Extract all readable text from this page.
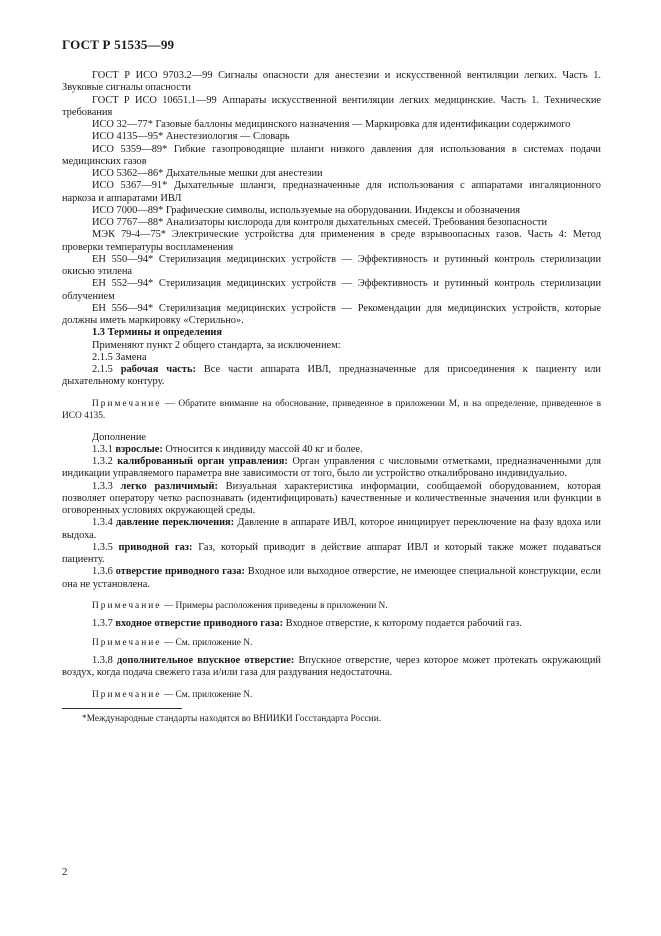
ГОСТ Р 51535—99

ГОСТ Р ИСО 9703.2—99 Сигналы опасности для анестезии и искусственной вентиляции легких. Часть 1. Звуковые сигналы опасности

ГОСТ Р ИСО 10651.1—99 Аппараты искусственной вентиляции легких медицинские. Часть 1. Технические требования

ИСО 32—77* Газовые баллоны медицинского назначения — Маркировка для идентификации содержимого

ИСО 4135—95* Анестезиология — Словарь

ИСО 5359—89* Гибкие газопроводящие шланги низкого давления для использования в системах подачи медицинских газов

ИСО 5362—86* Дыхательные мешки для анестезии

ИСО 5367—91* Дыхательные шланги, предназначенные для использования с аппаратами ингаляционного наркоза и аппаратами ИВЛ

ИСО 7000—89* Графические символы, используемые на оборудовании. Индексы и обозначения

ИСО 7767—88* Анализаторы кислорода для контроля дыхательных смесей. Требования безопасности

МЭК 79-4—75* Электрические устройства для применения в среде взрывоопасных газов. Часть 4: Метод проверки температуры воспламенения

ЕН 550—94* Стерилизация медицинских устройств — Эффективность и рутинный контроль стерилизации окисью этилена

ЕН 552—94* Стерилизация медицинских устройств — Эффективность и рутинный контроль стерилизации облучением

ЕН 556—94* Стерилизация медицинских устройств — Рекомендации для медицинских устройств, которые должны иметь маркировку «Стерильно».

1.3 Термины и определения

Применяют пункт 2 общего стандарта, за исключением:

2.1.5 Замена

2.1.5 рабочая часть: Все части аппарата ИВЛ, предназначенные для присоединения к пациенту или дыхательному контуру.

Примечание — Обратите внимание на обоснование, приведенное в приложении M, и на определение, приведенное в ИСО 4135.

Дополнение

1.3.1 взрослые: Относится к индивиду массой 40 кг и более.

1.3.2 калиброванный орган управления: Орган управления с числовыми отметками, предназначенными для индикации управляемого параметра вне зависимости от того, было ли устройство откалибровано индивидуально.

1.3.3 легко различимый: Визуальная характеристика информации, сообщаемой оборудованием, которая позволяет оператору четко распознавать (идентифицировать) качественные и количественные значения или функции в оговоренных условиях окружающей среды.

1.3.4 давление переключения: Давление в аппарате ИВЛ, которое инициирует переключение на фазу вдоха или выдоха.

1.3.5 приводной газ: Газ, который приводит в действие аппарат ИВЛ и который также может подаваться пациенту.

1.3.6 отверстие приводного газа: Входное или выходное отверстие, не имеющее специальной конструкции, если она не установлена.

Примечание — Примеры расположения приведены в приложении N.

1.3.7 входное отверстие приводного газа: Входное отверстие, к которому подается рабочий газ.

Примечание — См. приложение N.

1.3.8 дополнительное впускное отверстие: Впускное отверстие, через которое может протекать окружающий воздух, когда подача свежего газа и/или газа для раздувания недостаточна.

Примечание — См. приложение N.

*Международные стандарты находятся во ВНИИКИ Госстандарта России.

2
